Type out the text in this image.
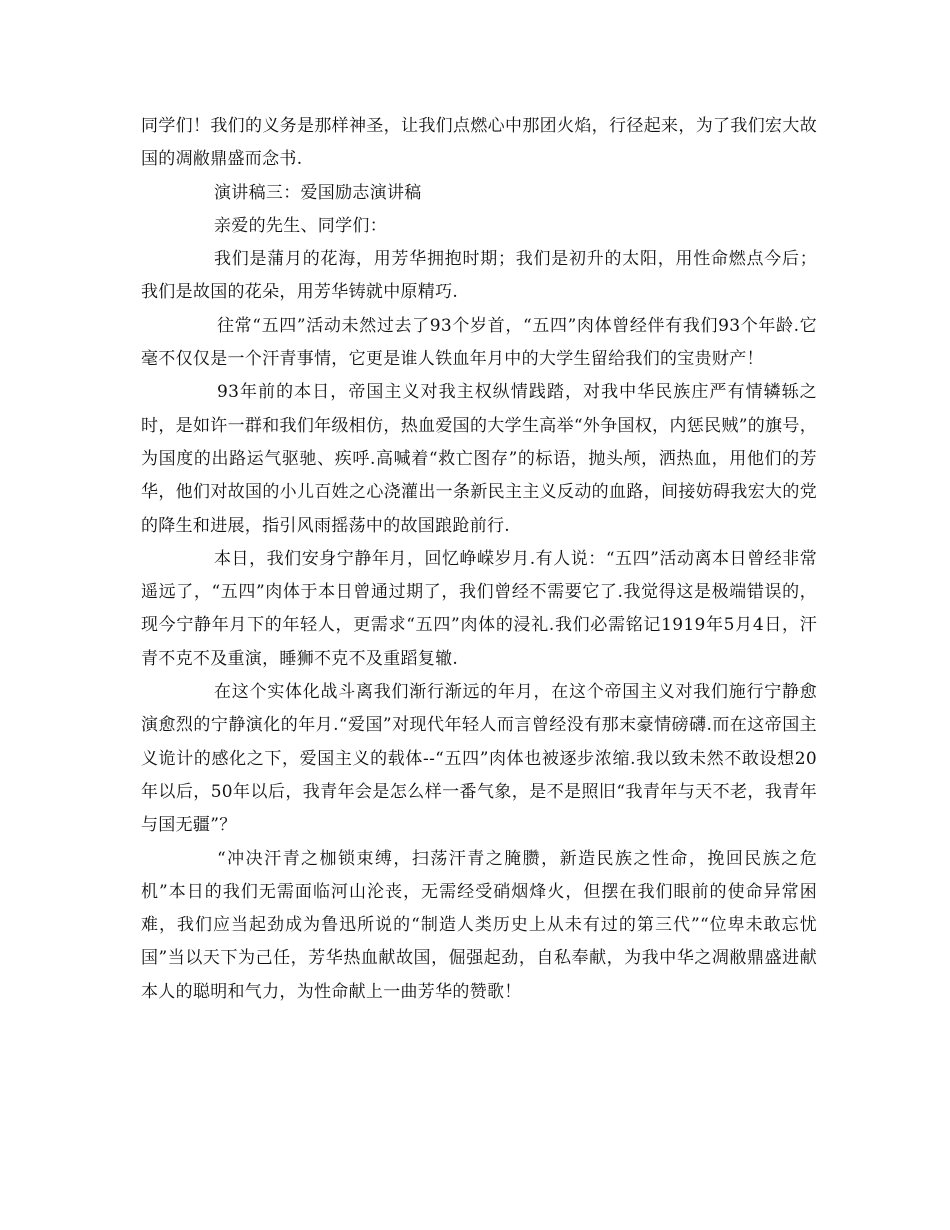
同学们！我们的义务是那样神圣，让我们点燃心中那团火焰，行径起来，为了我们宏大故国的凋敝鼎盛而念书.

演讲稿三：爱国励志演讲稿

亲爱的先生、同学们：

我们是蒲月的花海，用芳华拥抱时期；我们是初升的太阳，用性命燃点今后；我们是故国的花朵，用芳华铸就中原精巧.

往常“五四”活动未然过去了93个岁首，“五四”肉体曾经伴有我们93个年龄.它毫不仅仅是一个汗青事情，它更是谁人铁血年月中的大学生留给我们的宝贵财产！

93年前的本日，帝国主义对我主权纵情践踏，对我中华民族庄严有情辚轹之时，是如许一群和我们年级相仿，热血爱国的大学生高举“外争国权，内惩民贼”的旗号，为国度的出路运气驱驰、疾呼.高喊着“救亡图存”的标语，抛头颅，洒热血，用他们的芳华，他们对故国的小儿百姓之心浇灌出一条新民主主义反动的血路，间接妨碍我宏大的党的降生和进展，指引风雨摇荡中的故国踉跄前行.

本日，我们安身宁静年月，回忆峥嵘岁月.有人说：“五四”活动离本日曾经非常遥远了，“五四”肉体于本日曾通过期了，我们曾经不需要它了.我觉得这是极端错误的，现今宁静年月下的年轻人，更需求“五四”肉体的浸礼.我们必需铭记1919年5月4日，汗青不克不及重演，睡狮不克不及重蹈复辙.

在这个实体化战斗离我们渐行渐远的年月，在这个帝国主义对我们施行宁静愈演愈烈的宁静演化的年月.“爱国”对现代年轻人而言曾经没有那末豪情磅礴.而在这帝国主义诡计的感化之下，爱国主义的载体--“五四”肉体也被逐步浓缩.我以致未然不敢设想20年以后，50年以后，我青年会是怎么样一番气象，是不是照旧“我青年与天不老，我青年与国无疆”？

“冲决汗青之枷锁束缚，扫荡汗青之腌臜，新造民族之性命，挽回民族之危机”本日的我们无需面临河山沦丧，无需经受硝烟烽火，但摆在我们眼前的使命异常困难，我们应当起劲成为鲁迅所说的“制造人类历史上从未有过的第三代”“位卑未敢忘忧国”当以天下为己任，芳华热血献故国，倔强起劲，自私奉献，为我中华之凋敝鼎盛进献本人的聪明和气力，为性命献上一曲芳华的赞歌！
